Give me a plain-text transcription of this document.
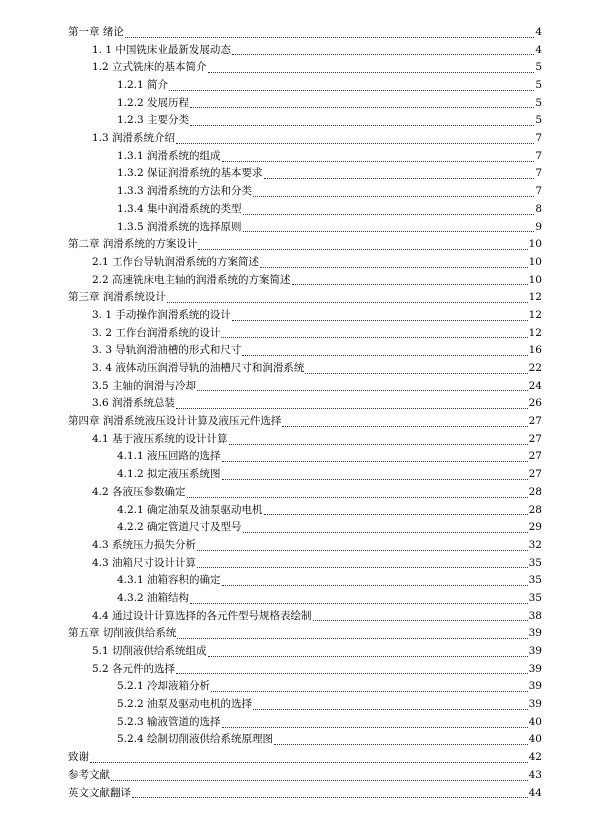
第一章 绪论	4
1. 1 中国铣床业最新发展动态	4
1.2 立式铣床的基本简介	5
1.2.1 简介	5
1.2.2 发展历程	5
1.2.3 主要分类	5
1.3 润滑系统介绍	7
1.3.1 润滑系统的组成	7
1.3.2 保证润滑系统的基本要求	7
1.3.3 润滑系统的方法和分类	7
1.3.4 集中润滑系统的类型	8
1.3.5 润滑系统的选择原则	9
第二章 润滑系统的方案设计	10
2.1 工作台导轨润滑系统的方案简述	10
2.2 高速铣床电主轴的润滑系统的方案简述	10
第三章 润滑系统设计	12
3. 1 手动操作润滑系统的设计	12
3. 2 工作台润滑系统的设计	12
3. 3 导轨润滑油槽的形式和尺寸	16
3. 4 液体动压润滑导轨的油槽尺寸和润滑系统	22
3.5 主轴的润滑与冷却	24
3.6 润滑系统总装	26
第四章 润滑系统液压设计计算及液压元件选择	27
4.1 基于液压系统的设计计算	27
4.1.1 液压回路的选择	27
4.1.2 拟定液压系统图	27
4.2 各液压参数确定	28
4.2.1 确定油泵及油泵驱动电机	28
4.2.2 确定管道尺寸及型号	29
4.3 系统压力损失分析	32
4.3 油箱尺寸设计计算	35
4.3.1 油箱容积的确定	35
4.3.2 油箱结构	35
4.4 通过设计计算选择的各元件型号规格表绘制	38
第五章 切削液供给系统	39
5.1 切削液供给系统组成	39
5.2 各元件的选择	39
5.2.1 冷却液箱分析	39
5.2.2 油泵及驱动电机的选择	39
5.2.3 输液管道的选择	40
5.2.4 绘制切削液供给系统原理图	40
致谢	42
参考文献	43
英文文献翻译	44
